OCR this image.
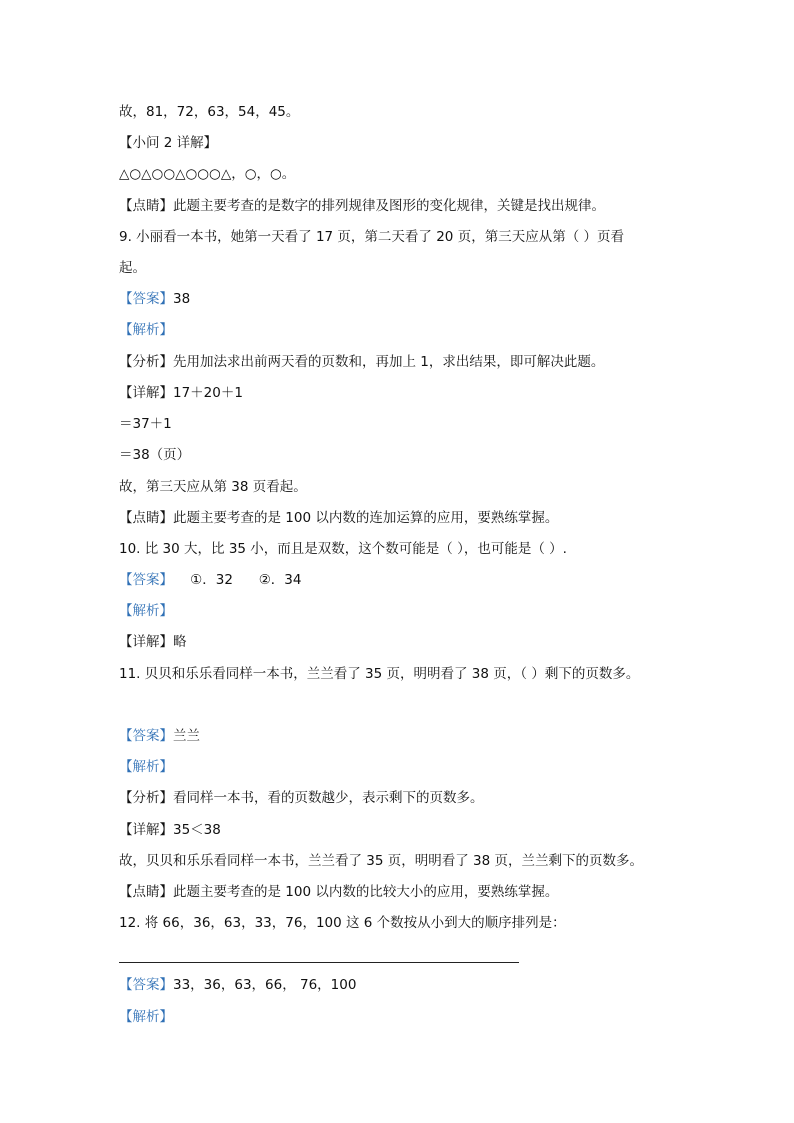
故，81，72，63，54，45。
【小问 2 详解】
△○△○○△○○○△，○，○。
【点睛】此题主要考查的是数字的排列规律及图形的变化规律，关键是找出规律。
9. 小丽看一本书，她第一天看了 17 页，第二天看了 20 页，第三天应从第（ ）页看
起。
【答案】38
【解析】
【分析】先用加法求出前两天看的页数和，再加上 1，求出结果，即可解决此题。
【详解】17＋20＋1
＝37＋1
＝38（页）
故，第三天应从第 38 页看起。
【点睛】此题主要考查的是 100 以内数的连加运算的应用，要熟练掌握。
10. 比 30 大，比 35 小，而且是双数，这个数可能是（ ），也可能是（ ）.
【答案】    ①．32      ②．34
【解析】
【详解】略
11. 贝贝和乐乐看同样一本书，兰兰看了 35 页，明明看了 38 页，（ ）剩下的页数多。
【答案】兰兰
【解析】
【分析】看同样一本书，看的页数越少，表示剩下的页数多。
【详解】35＜38
故，贝贝和乐乐看同样一本书，兰兰看了 35 页，明明看了 38 页，兰兰剩下的页数多。
【点睛】此题主要考查的是 100 以内数的比较大小的应用，要熟练掌握。
12. 将 66，36，63，33，76，100 这 6 个数按从小到大的顺序排列是：
【答案】33，36，63，66， 76，100
【解析】
